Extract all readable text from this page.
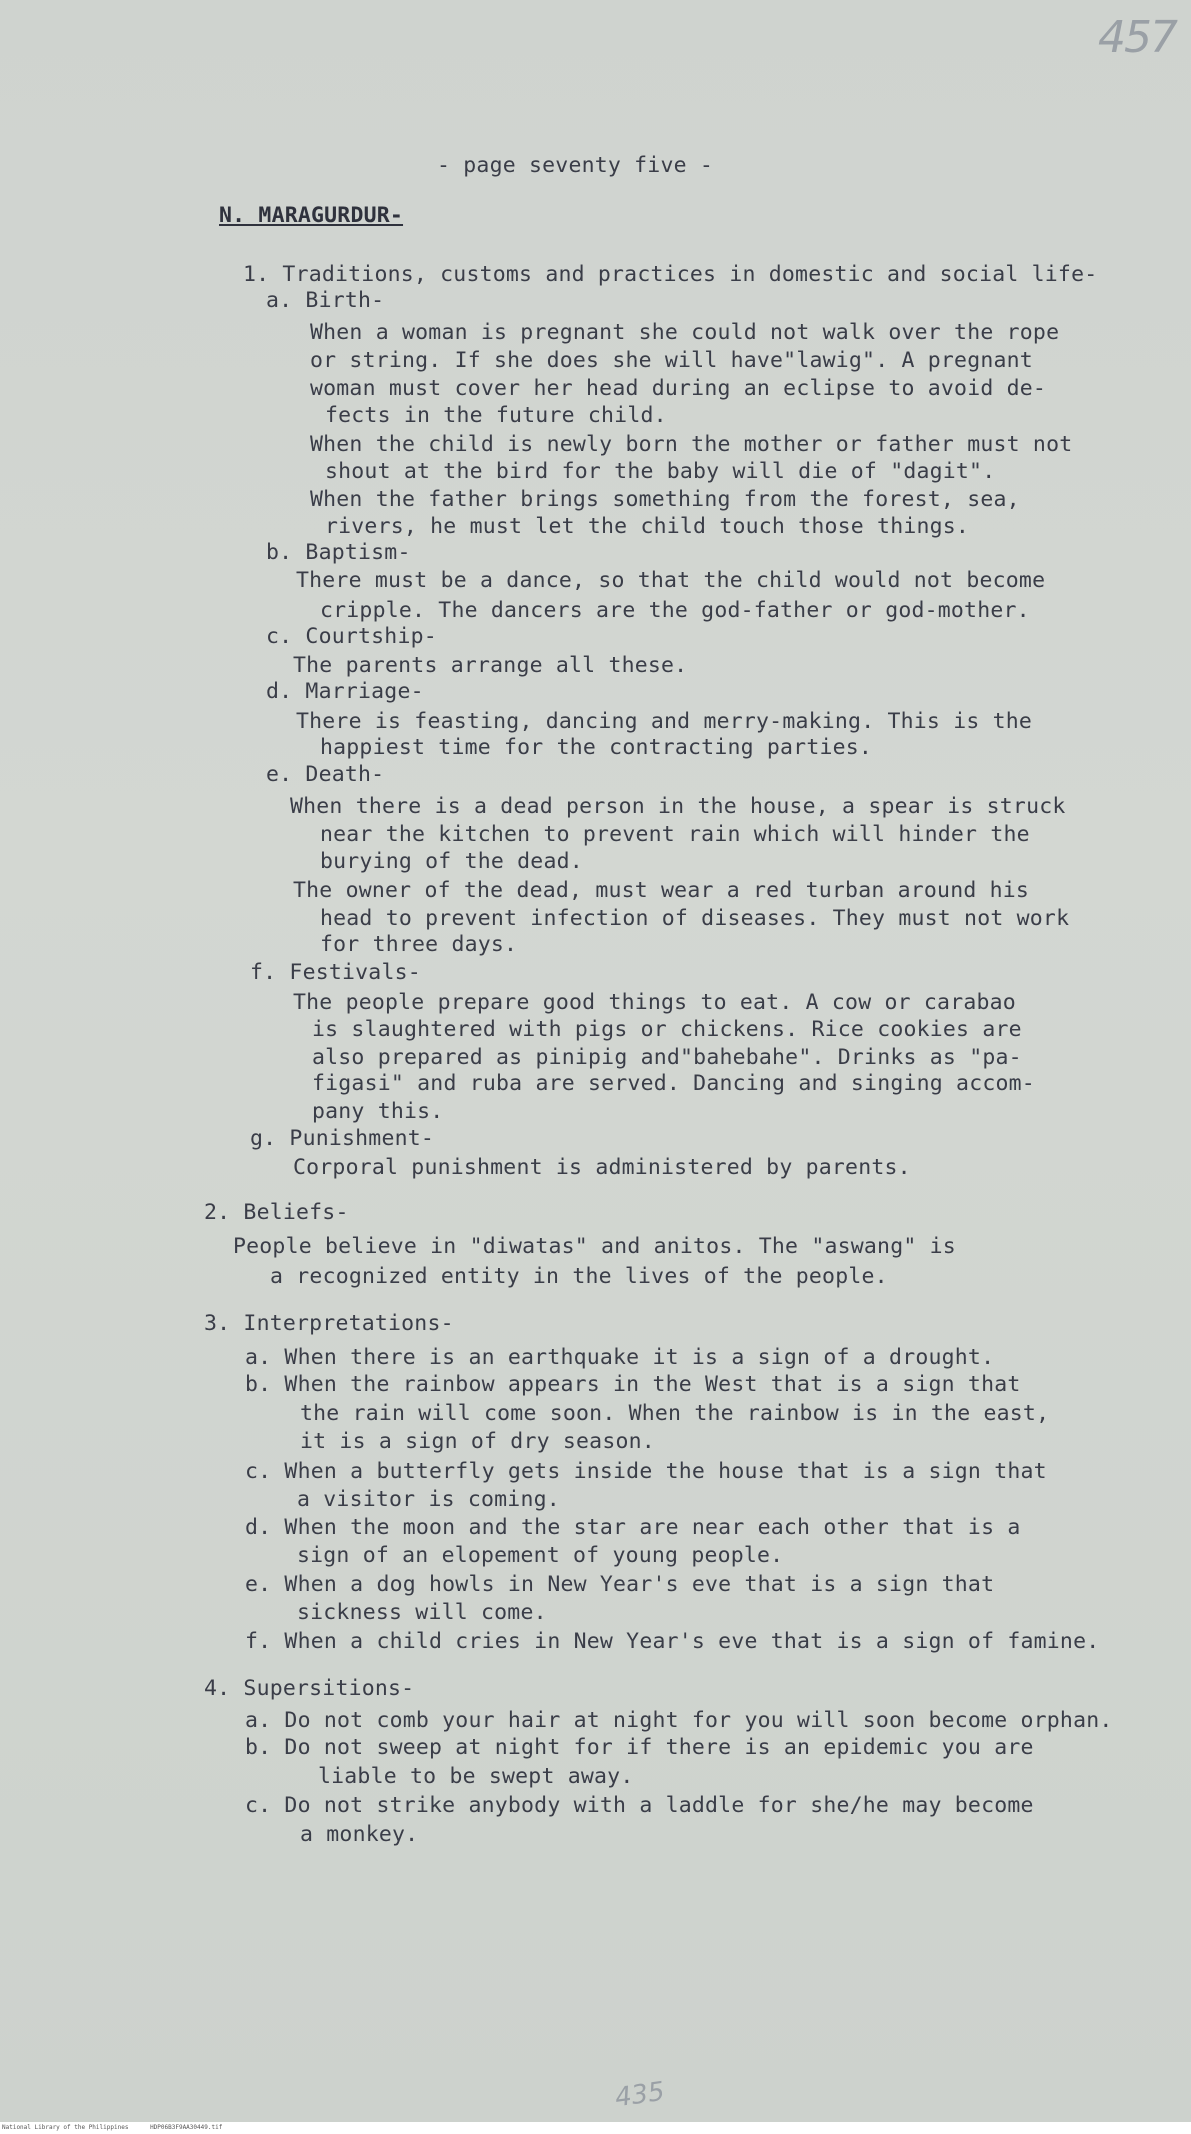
457
- page seventy five -
N. MARAGURDUR-
1. Traditions, customs and practices in domestic and social life-
a. Birth-
When a woman is pregnant she could not walk over the rope
or string. If she does she will have"lawig". A pregnant
woman must cover her head during an eclipse to avoid de-
fects in the future child.
When the child is newly born the mother or father must not
shout at the bird for the baby will die of "dagit".
When the father brings something from the forest, sea,
rivers, he must let the child touch those things.
b. Baptism-
There must be a dance, so that the child would not become
cripple. The dancers are the god-father or god-mother.
c. Courtship-
The parents arrange all these.
d. Marriage-
There is feasting, dancing and merry-making. This is the
happiest time for the contracting parties.
e. Death-
When there is a dead person in the house, a spear is struck
near the kitchen to prevent rain which will hinder the
burying of the dead.
The owner of the dead, must wear a red turban around his
head to prevent infection of diseases. They must not work
for three days.
f. Festivals-
The people prepare good things to eat. A cow or carabao
is slaughtered with pigs or chickens. Rice cookies are
also prepared as pinipig and"bahebahe". Drinks as "pa-
figasi" and ruba are served. Dancing and singing accom-
pany this.
g. Punishment-
Corporal punishment is administered by parents.
2. Beliefs-
People believe in "diwatas" and anitos. The "aswang" is
a recognized entity in the lives of the people.
3. Interpretations-
a. When there is an earthquake it is a sign of a drought.
b. When the rainbow appears in the West that is a sign that
the rain will come soon. When the rainbow is in the east,
it is a sign of dry season.
c. When a butterfly gets inside the house that is a sign that
a visitor is coming.
d. When the moon and the star are near each other that is a
sign of an elopement of young people.
e. When a dog howls in New Year's eve that is a sign that
sickness will come.
f. When a child cries in New Year's eve that is a sign of famine.
4. Supersitions-
a. Do not comb your hair at night for you will soon become orphan.
b. Do not sweep at night for if there is an epidemic you are
liable to be swept away.
c. Do not strike anybody with a laddle for she/he may become
a monkey.
435
National Library of the Philippines	HDP06B3F9AA30449.tif
